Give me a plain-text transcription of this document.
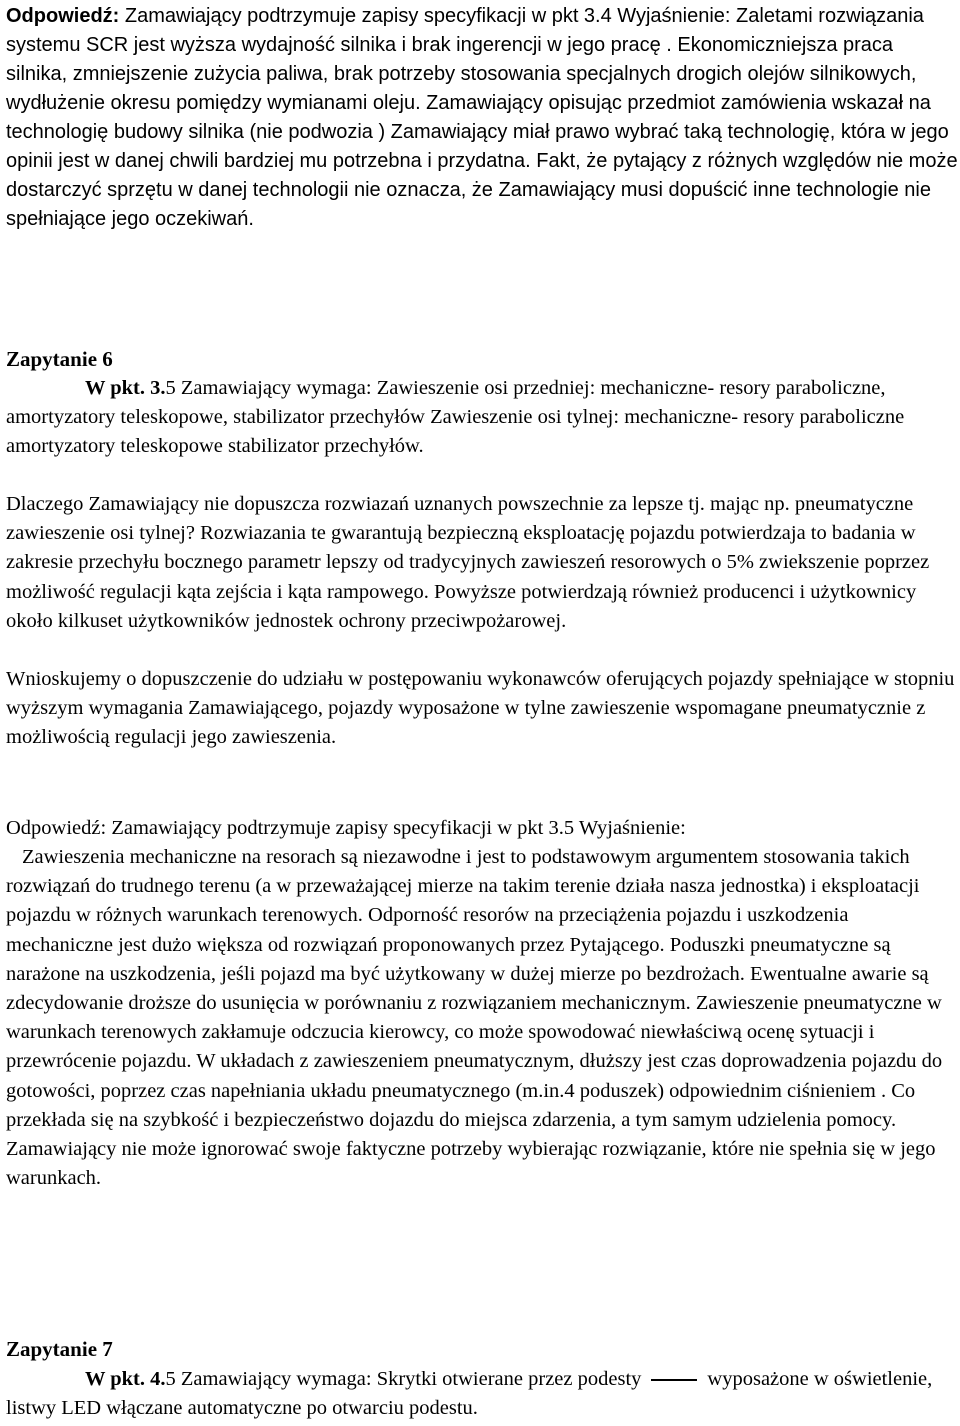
Odpowiedź: Zamawiający podtrzymuje zapisy specyfikacji w pkt 3.4 Wyjaśnienie: Zaletami rozwiązania systemu SCR jest wyższa wydajność silnika i brak ingerencji w jego pracę . Ekonomiczniejsza praca silnika, zmniejszenie zużycia paliwa, brak potrzeby stosowania specjalnych drogich olejów silnikowych, wydłużenie okresu pomiędzy wymianami oleju. Zamawiający opisując przedmiot zamówienia wskazał na technologię budowy silnika (nie podwozia ) Zamawiający miał prawo wybrać taką technologię, która w jego opinii jest w danej chwili bardziej mu potrzebna i przydatna. Fakt, że pytający z różnych względów nie może dostarczyć sprzętu w danej technologii nie oznacza, że Zamawiający musi dopuścić inne technologie nie spełniające jego oczekiwań.

Zapytanie 6

W pkt. 3.5 Zamawiający wymaga: Zawieszenie osi przedniej: mechaniczne- resory paraboliczne, amortyzatory teleskopowe, stabilizator przechyłów Zawieszenie osi tylnej: mechaniczne- resory paraboliczne amortyzatory teleskopowe stabilizator przechyłów.

Dlaczego Zamawiający nie dopuszcza rozwiazań uznanych powszechnie za lepsze tj. mając np. pneumatyczne zawieszenie osi tylnej? Rozwiazania te gwarantują bezpieczną eksploatację pojazdu potwierdzaja to badania w zakresie przechyłu bocznego parametr lepszy od tradycyjnych zawieszeń resorowych o 5% zwiekszenie poprzez możliwość regulacji kąta zejścia i kąta rampowego. Powyższe potwierdzają również producenci i użytkownicy około kilkuset użytkowników jednostek ochrony przeciwpożarowej.

Wnioskujemy o dopuszczenie do udziału w postępowaniu wykonawców oferujących pojazdy spełniające w stopniu wyższym wymagania Zamawiającego, pojazdy wyposażone w tylne zawieszenie wspomagane pneumatycznie z możliwością regulacji jego zawieszenia.

Odpowiedź: Zamawiający podtrzymuje zapisy specyfikacji w pkt 3.5 Wyjaśnienie:

Zawieszenia mechaniczne na resorach są niezawodne i jest to podstawowym argumentem stosowania takich rozwiązań do trudnego terenu (a w przeważającej mierze na takim terenie działa nasza jednostka) i eksploatacji pojazdu w różnych warunkach terenowych. Odporność resorów na przeciążenia pojazdu i uszkodzenia mechaniczne jest dużo większa od rozwiązań proponowanych przez Pytającego. Poduszki pneumatyczne są narażone na uszkodzenia, jeśli pojazd ma być użytkowany w dużej mierze po bezdrożach. Ewentualne awarie są zdecydowanie droższe do usunięcia w porównaniu z rozwiązaniem mechanicznym. Zawieszenie pneumatyczne w warunkach terenowych zakłamuje odczucia kierowcy, co może spowodować niewłaściwą ocenę sytuacji i przewrócenie pojazdu. W układach z zawieszeniem pneumatycznym, dłuższy jest czas doprowadzenia pojazdu do gotowości, poprzez czas napełniania układu pneumatycznego (m.in.4 poduszek) odpowiednim ciśnieniem . Co przekłada się na szybkość i bezpieczeństwo dojazdu do miejsca zdarzenia, a tym samym udzielenia pomocy. Zamawiający nie może ignorować swoje faktyczne potrzeby wybierając rozwiązanie, które nie spełnia się w jego warunkach.

Zapytanie 7

W pkt. 4.5 Zamawiający wymaga: Skrytki otwierane przez podesty	wyposażone w oświetlenie, listwy LED włączane automatyczne po otwarciu podestu.
